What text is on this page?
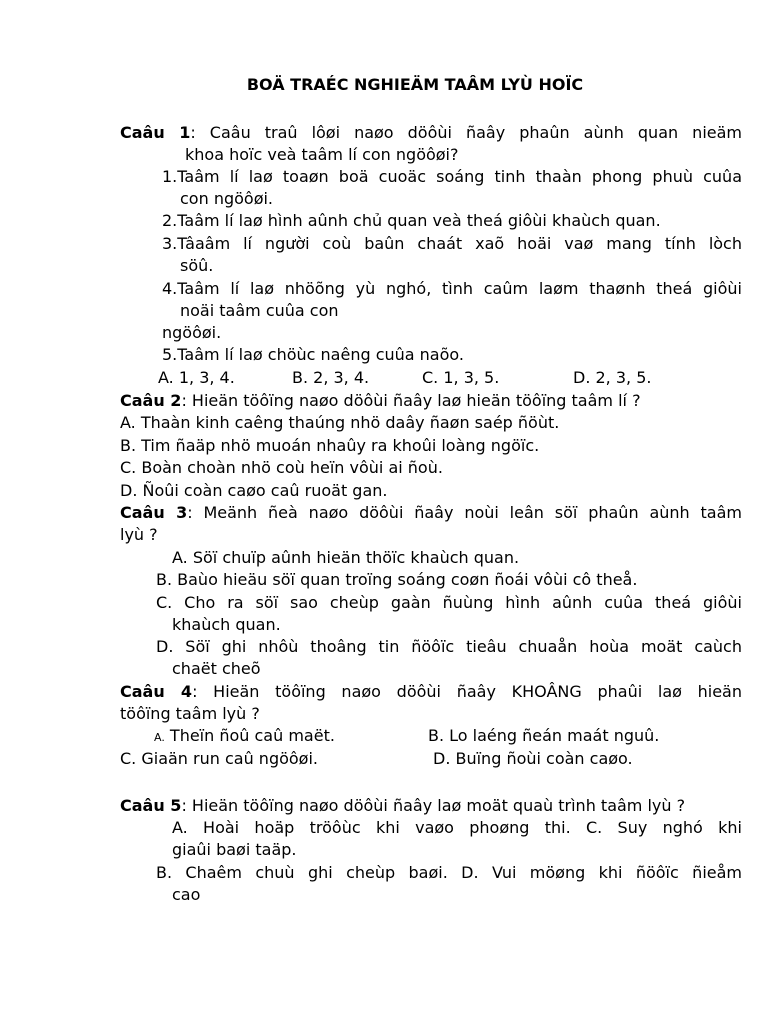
BOÄ TRAÉC NGHIEÄM TAÂM LYÙ HOÏC
Caâu 1: Caâu traû lôøi naøo döôùi ñaây phaûn aùnh quan nieäm
khoa hoïc veà taâm lí con ngöôøi?
1.Taâm lí laø toaøn boä cuoäc soáng tinh thaàn phong phuù cuûa
con ngöôøi.
2.Taâm lí laø hình aûnh chủ quan veà theá giôùi khaùch quan.
3.Tâaâm lí người coù baûn chaát xaõ hoäi vaø mang tính lòch
söû.
4.Taâm lí laø nhöõng yù nghó, tình caûm laøm thaønh theá giôùi
noäi taâm cuûa con
ngöôøi.
5.Taâm lí laø chöùc naêng cuûa naõo.
A. 1, 3, 4.	B. 2, 3, 4.	C. 1, 3, 5.	D. 2, 3, 5.
Caâu 2: Hieän töôïng naøo döôùi ñaây laø hieän töôïng taâm lí ?
A. Thaàn kinh caêng thaúng nhö daây ñaøn saép ñöùt.
B. Tim ñaäp nhö muoán nhaûy ra khoûi loàng ngöïc.
C. Boàn choàn nhö coù heïn vôùi ai ñoù.
D. Ñoûi coàn caøo caû ruoät gan.
Caâu 3: Meänh ñeà naøo döôùi ñaây noùi leân söï phaûn aùnh taâm
lyù ?
A. Söï chuïp aûnh hieän thöïc khaùch quan.
B. Baùo hieäu söï quan troïng soáng coøn ñoái vôùi cô theå.
C. Cho ra söï sao cheùp gaàn ñuùng hình aûnh cuûa theá giôùi
khaùch quan.
D. Söï ghi nhôù thoâng tin ñöôïc tieâu chuaån hoùa moät caùch
chaët cheõ
Caâu 4: Hieän töôïng naøo döôùi ñaây KHOÂNG phaûi laø hieän
töôïng taâm lyù ?
A. Theïn ñoû caû maët.	B. Lo laéng ñeán maát nguû.
C. Giaän run caû ngöôøi.	D. Buïng ñoùi coàn caøo.
Caâu 5: Hieän töôïng naøo döôùi ñaây laø moät quaù trình taâm lyù ?
A. Hoài hoäp tröôùc khi vaøo phoøng thi. C. Suy nghó khi
giaûi baøi taäp.
B. Chaêm chuù ghi cheùp baøi. D. Vui möøng khi ñöôïc ñieåm
cao
